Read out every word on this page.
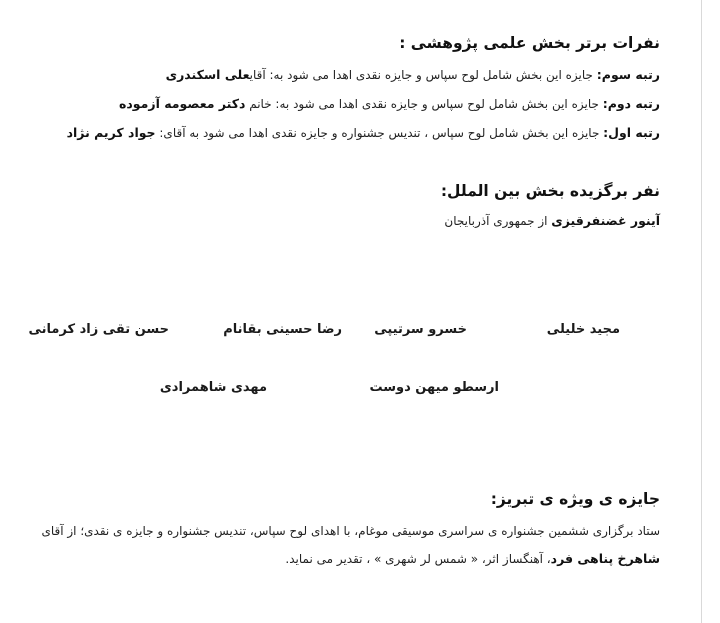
نفرات برتر بخش علمی پژوهشی :
رتبه سوم: جایزه این بخش شامل لوح سپاس و جایزه نقدی اهدا می شود به: آقایعلی اسکندری
رتبه دوم: جایزه این بخش شامل لوح سپاس و جایزه نقدی اهدا می شود به: خانم دکتر معصومه آزموده
رتبه اول: جایزه این بخش شامل لوح سپاس ، تندیس جشنواره و جایزه نقدی اهدا می شود به آقای: جواد کریم نژاد
نفر برگزیده بخش بین الملل:
آینور غضنفرقیزی از جمهوری آذربایجان
مجید خلیلی
خسرو سرتیپی
رضا حسینی بقانام
حسن تقی زاد کرمانی
ارسطو میهن دوست
مهدی شاهمرادی
جایزه ی ویژه ی تبریز:
ستاد برگزاری ششمین جشنواره ی سراسری موسیقی موغام، با اهدای لوح سپاس، تندیس جشنواره و جایزه ی نقدی؛ از آقای شاهرخ پناهی فرد، آهنگساز اثر، « شمس لر شهری » ، تقدیر می نماید.
